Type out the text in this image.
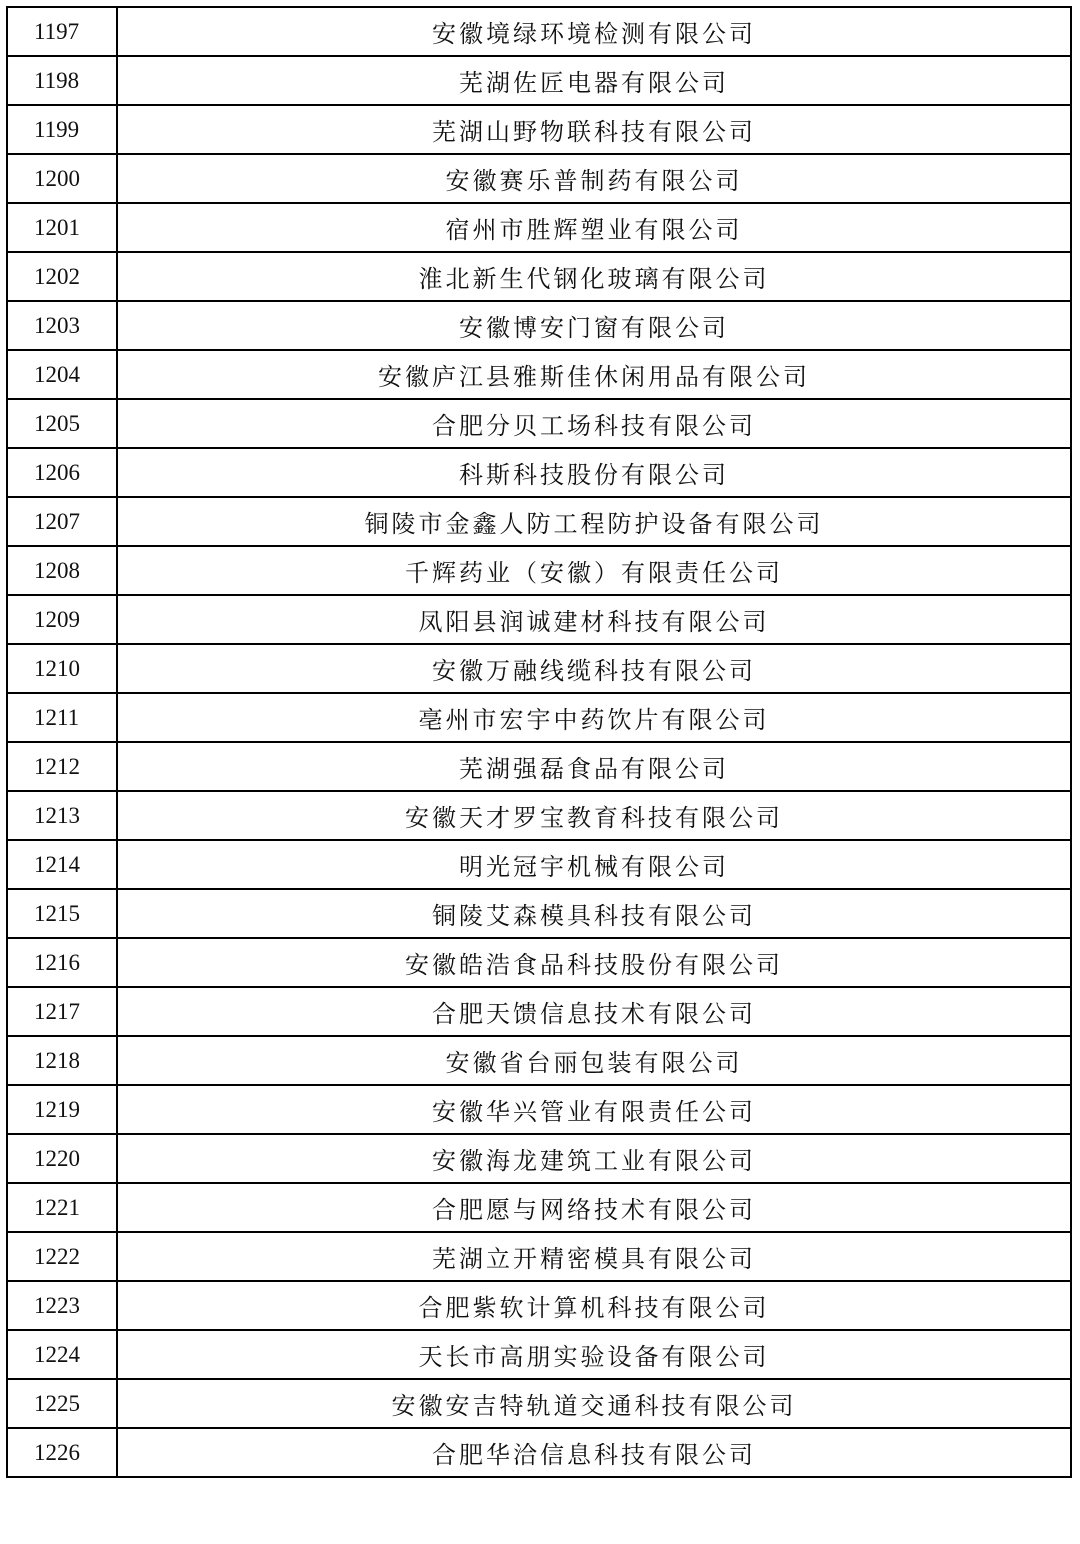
1197	安徽境绿环境检测有限公司
1198	芜湖佐匠电器有限公司
1199	芜湖山野物联科技有限公司
1200	安徽赛乐普制药有限公司
1201	宿州市胜辉塑业有限公司
1202	淮北新生代钢化玻璃有限公司
1203	安徽博安门窗有限公司
1204	安徽庐江县雅斯佳休闲用品有限公司
1205	合肥分贝工场科技有限公司
1206	科斯科技股份有限公司
1207	铜陵市金鑫人防工程防护设备有限公司
1208	千辉药业（安徽）有限责任公司
1209	凤阳县润诚建材科技有限公司
1210	安徽万融线缆科技有限公司
1211	亳州市宏宇中药饮片有限公司
1212	芜湖强磊食品有限公司
1213	安徽天才罗宝教育科技有限公司
1214	明光冠宇机械有限公司
1215	铜陵艾森模具科技有限公司
1216	安徽皓浩食品科技股份有限公司
1217	合肥天馈信息技术有限公司
1218	安徽省台丽包装有限公司
1219	安徽华兴管业有限责任公司
1220	安徽海龙建筑工业有限公司
1221	合肥愿与网络技术有限公司
1222	芜湖立开精密模具有限公司
1223	合肥紫软计算机科技有限公司
1224	天长市高朋实验设备有限公司
1225	安徽安吉特轨道交通科技有限公司
1226	合肥华洽信息科技有限公司
